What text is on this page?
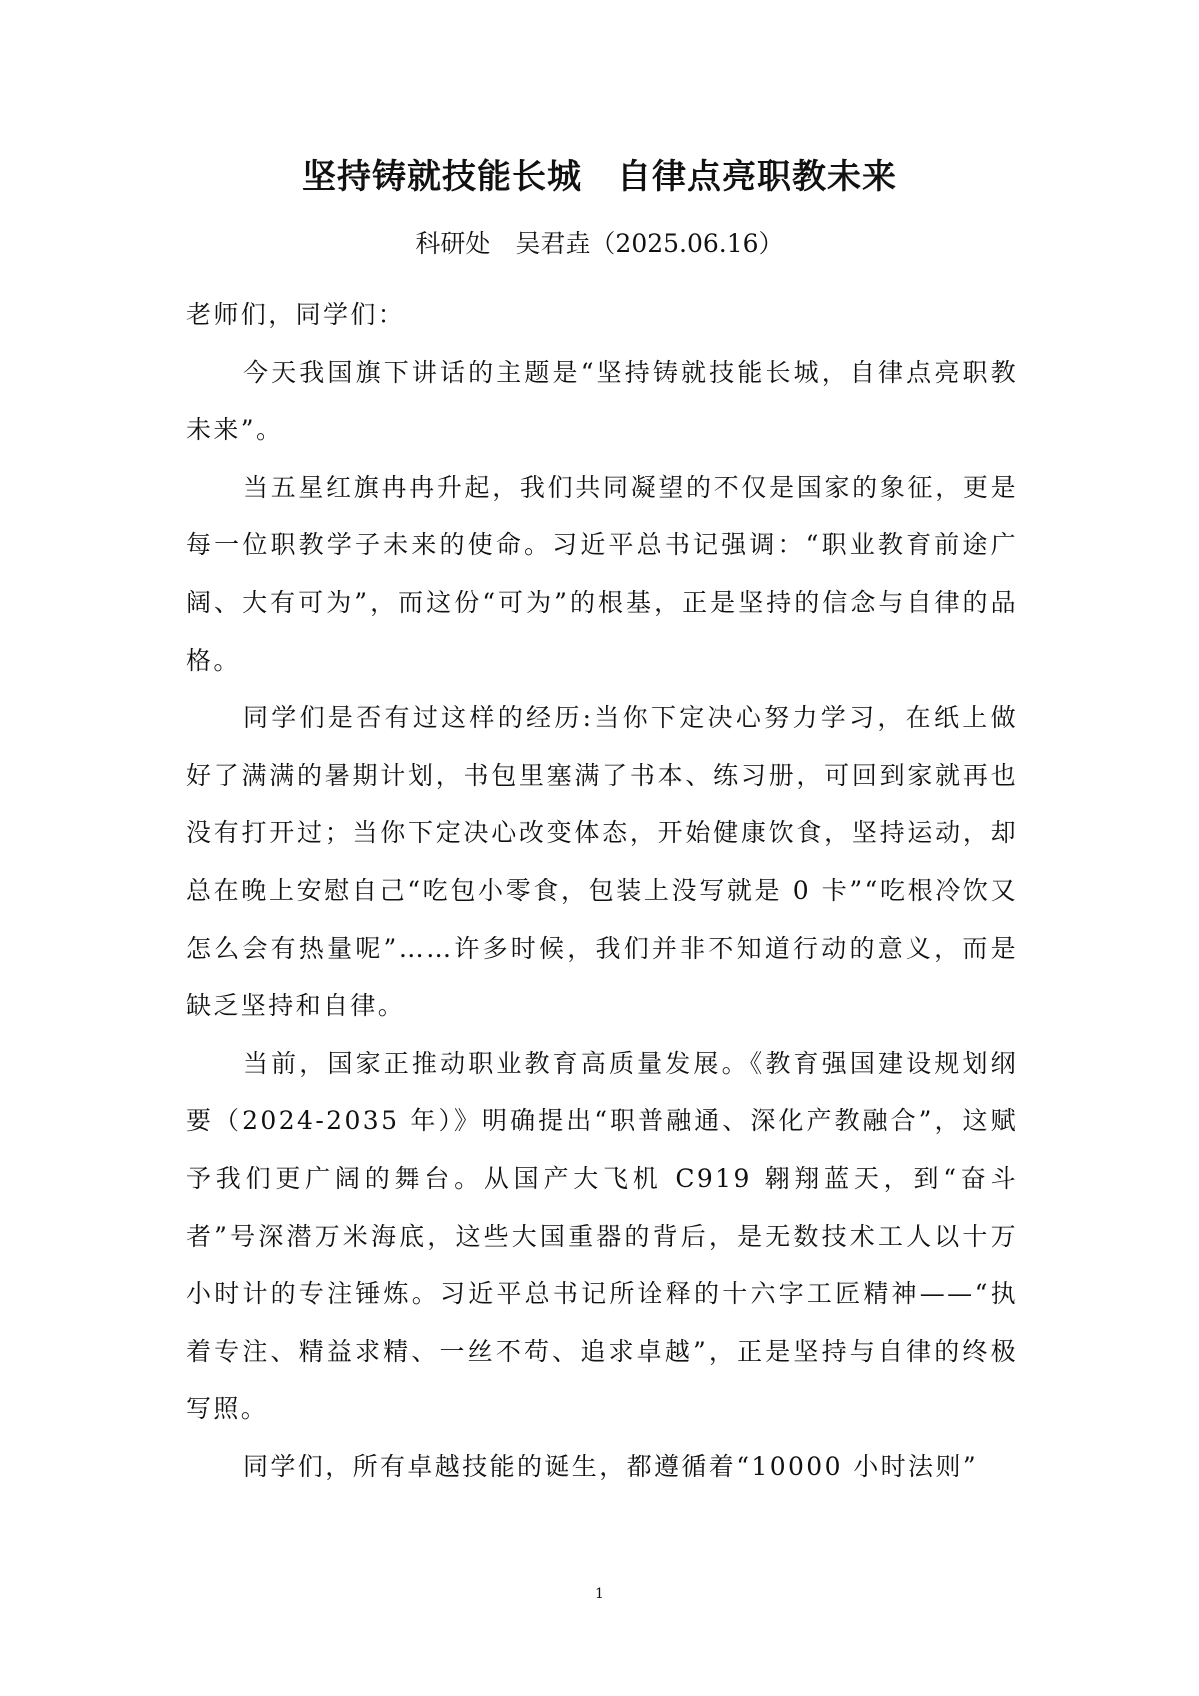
坚持铸就技能长城　自律点亮职教未来
科研处　吴君垚（2025.06.16）

老师们，同学们：

今天我国旗下讲话的主题是“坚持铸就技能长城，自律点亮职教未来”。

当五星红旗冉冉升起，我们共同凝望的不仅是国家的象征，更是每一位职教学子未来的使命。习近平总书记强调：“职业教育前途广阔、大有可为”，而这份“可为”的根基，正是坚持的信念与自律的品格。

同学们是否有过这样的经历:当你下定决心努力学习，在纸上做好了满满的暑期计划，书包里塞满了书本、练习册，可回到家就再也没有打开过；当你下定决心改变体态，开始健康饮食，坚持运动，却总在晚上安慰自己“吃包小零食，包装上没写就是 0 卡”“吃根冷饮又怎么会有热量呢”……许多时候，我们并非不知道行动的意义，而是缺乏坚持和自律。

当前，国家正推动职业教育高质量发展。《教育强国建设规划纲要（2024-2035 年）》明确提出“职普融通、深化产教融合”，这赋予我们更广阔的舞台。从国产大飞机 C919 翱翔蓝天，到“奋斗者”号深潜万米海底，这些大国重器的背后，是无数技术工人以十万小时计的专注锤炼。习近平总书记所诠释的十六字工匠精神——“执着专注、精益求精、一丝不苟、追求卓越”，正是坚持与自律的终极写照。

同学们，所有卓越技能的诞生，都遵循着“10000 小时法则”

1
